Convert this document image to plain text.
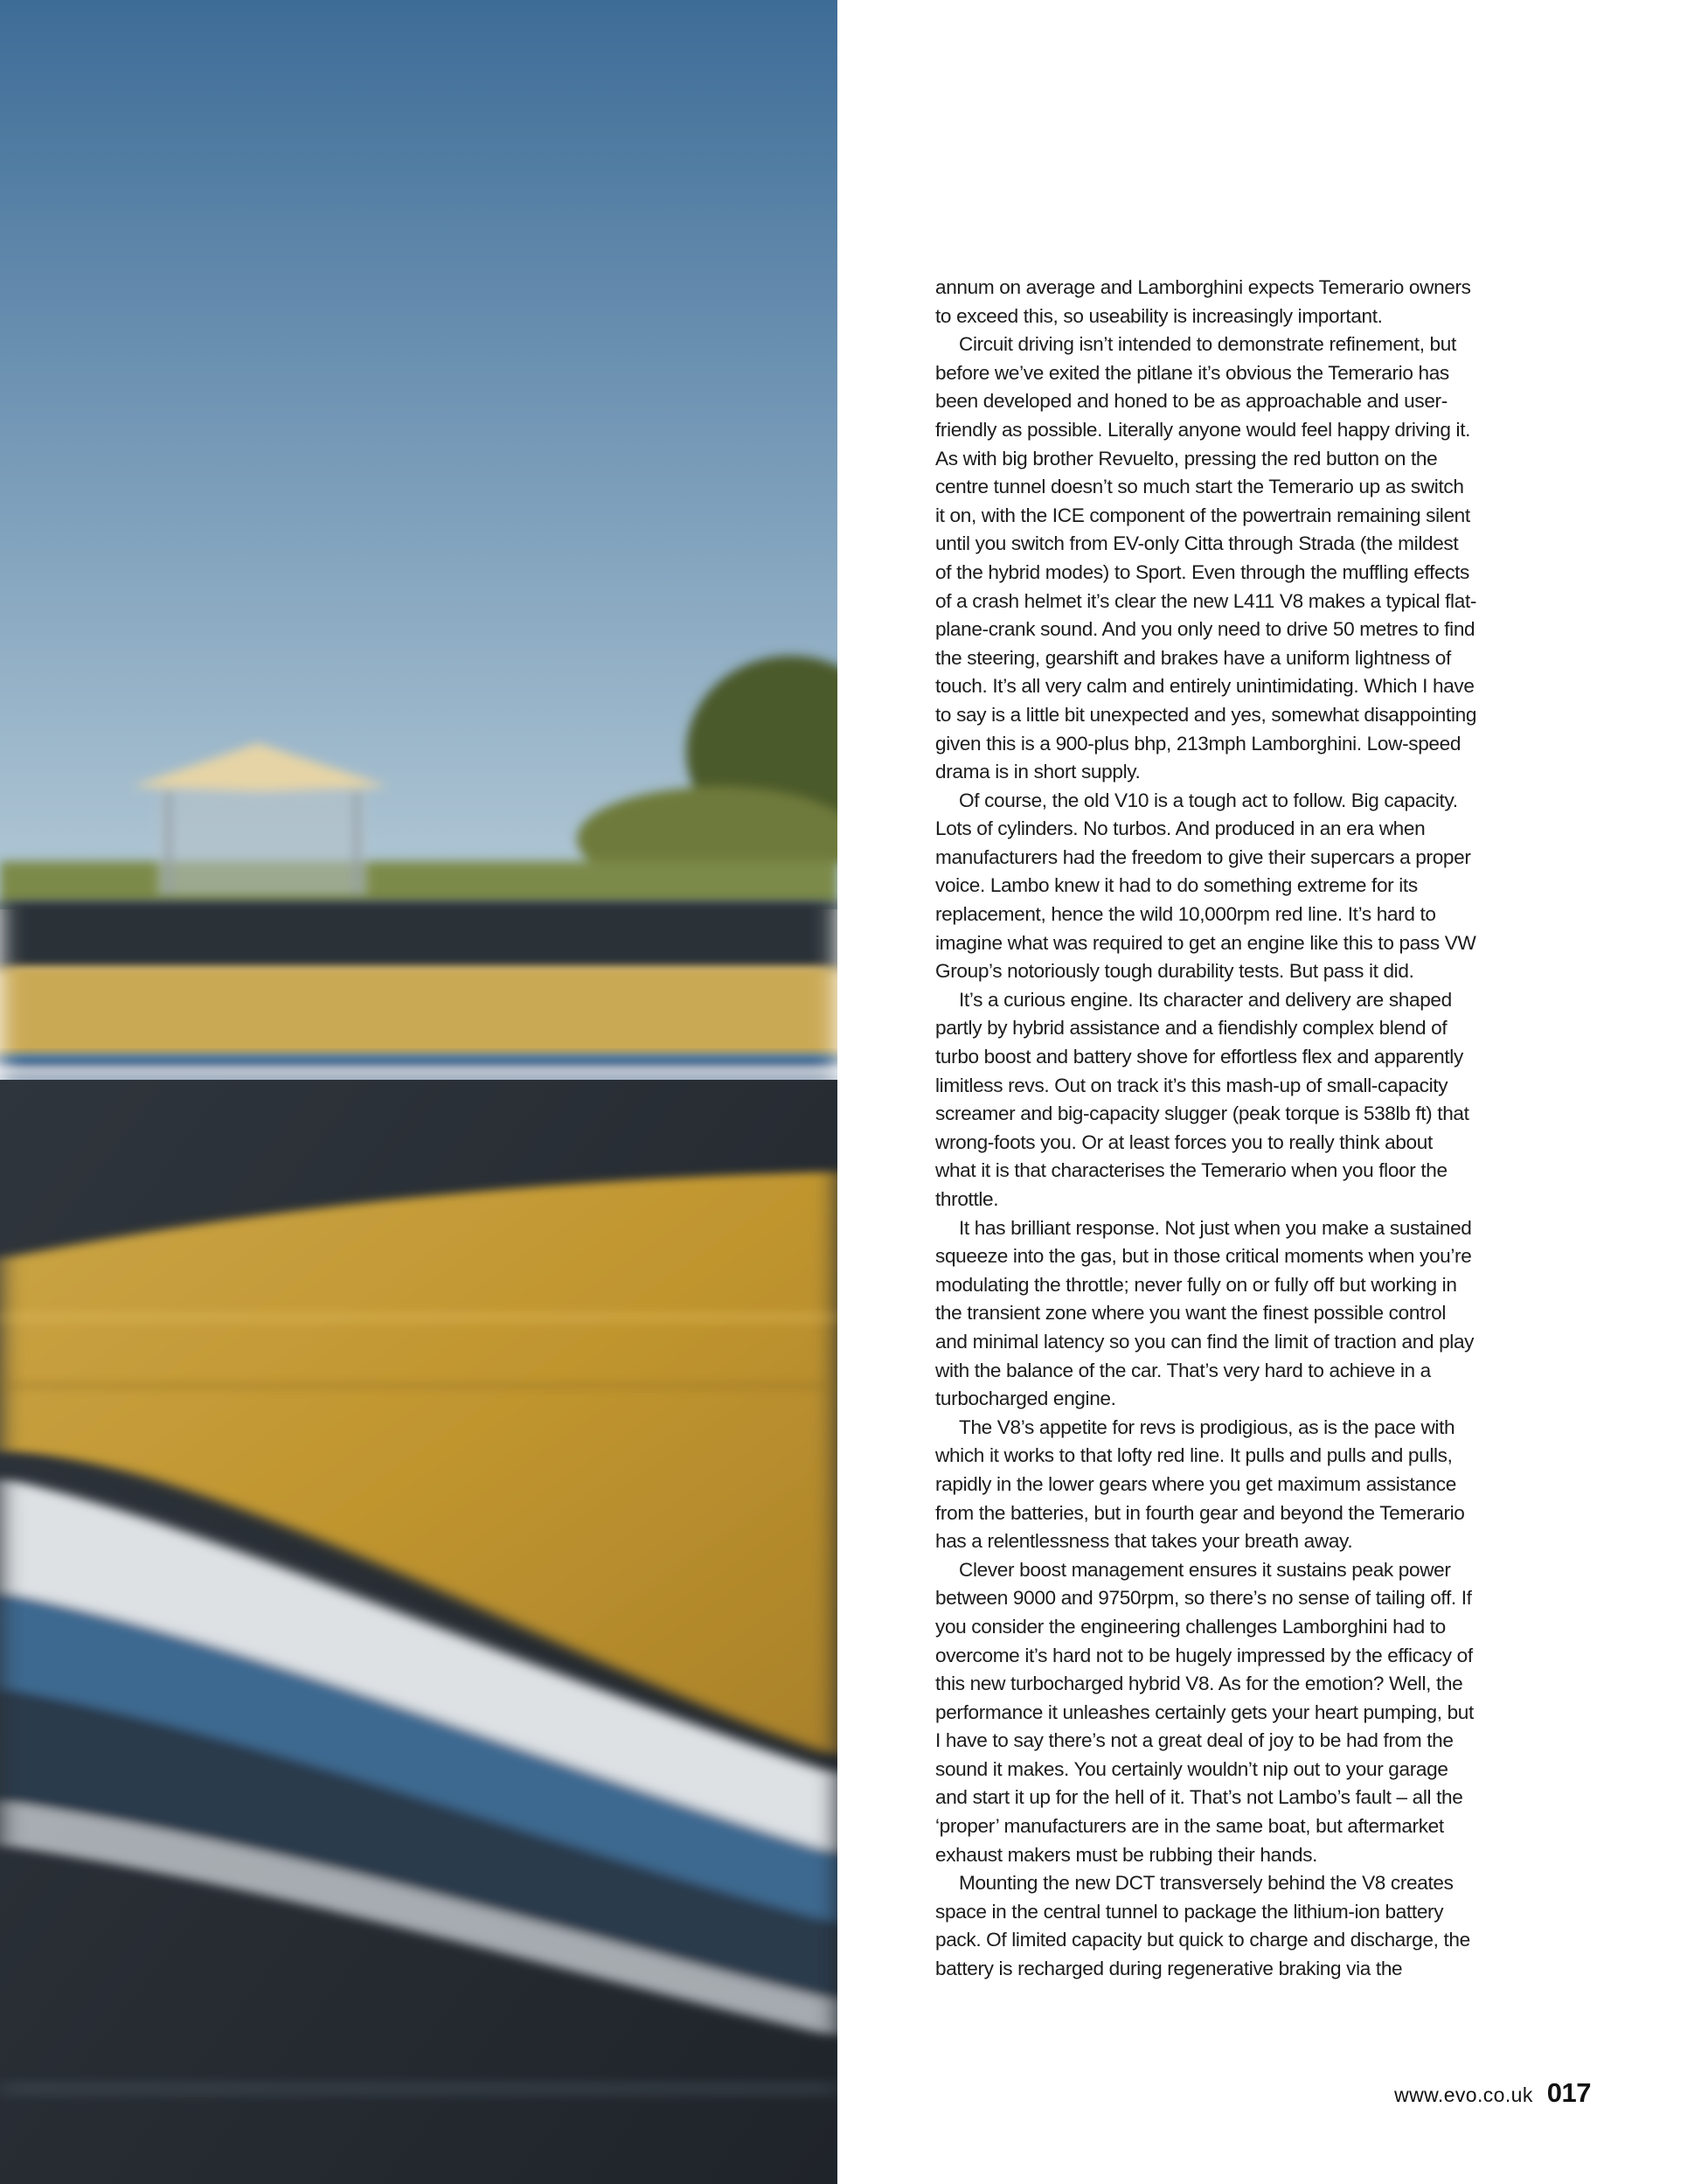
annum on average and Lamborghini expects Temerario owners to exceed this, so useability is increasingly important.

Circuit driving isn’t intended to demonstrate refinement, but before we’ve exited the pitlane it’s obvious the Temerario has been developed and honed to be as approachable and user-friendly as possible. Literally anyone would feel happy driving it. As with big brother Revuelto, pressing the red button on the centre tunnel doesn’t so much start the Temerario up as switch it on, with the ICE component of the powertrain remaining silent until you switch from EV-only Citta through Strada (the mildest of the hybrid modes) to Sport. Even through the muffling effects of a crash helmet it’s clear the new L411 V8 makes a typical flat-plane-crank sound. And you only need to drive 50 metres to find the steering, gearshift and brakes have a uniform lightness of touch. It’s all very calm and entirely unintimidating. Which I have to say is a little bit unexpected and yes, somewhat disappointing given this is a 900-plus bhp, 213mph Lamborghini. Low-speed drama is in short supply.

Of course, the old V10 is a tough act to follow. Big capacity. Lots of cylinders. No turbos. And produced in an era when manufacturers had the freedom to give their supercars a proper voice. Lambo knew it had to do something extreme for its replacement, hence the wild 10,000rpm red line. It’s hard to imagine what was required to get an engine like this to pass VW Group’s notoriously tough durability tests. But pass it did.

It’s a curious engine. Its character and delivery are shaped partly by hybrid assistance and a fiendishly complex blend of turbo boost and battery shove for effortless flex and apparently limitless revs. Out on track it’s this mash-up of small-capacity screamer and big-capacity slugger (peak torque is 538lb ft) that wrong-foots you. Or at least forces you to really think about what it is that characterises the Temerario when you floor the throttle.

It has brilliant response. Not just when you make a sustained squeeze into the gas, but in those critical moments when you’re modulating the throttle; never fully on or fully off but working in the transient zone where you want the finest possible control and minimal latency so you can find the limit of traction and play with the balance of the car. That’s very hard to achieve in a turbocharged engine.

The V8’s appetite for revs is prodigious, as is the pace with which it works to that lofty red line. It pulls and pulls and pulls, rapidly in the lower gears where you get maximum assistance from the batteries, but in fourth gear and beyond the Temerario has a relentlessness that takes your breath away.

Clever boost management ensures it sustains peak power between 9000 and 9750rpm, so there’s no sense of tailing off. If you consider the engineering challenges Lamborghini had to overcome it’s hard not to be hugely impressed by the efficacy of this new turbocharged hybrid V8. As for the emotion? Well, the performance it unleashes certainly gets your heart pumping, but I have to say there’s not a great deal of joy to be had from the sound it makes. You certainly wouldn’t nip out to your garage and start it up for the hell of it. That’s not Lambo’s fault – all the ‘proper’ manufacturers are in the same boat, but aftermarket exhaust makers must be rubbing their hands.

Mounting the new DCT transversely behind the V8 creates space in the central tunnel to package the lithium-ion battery pack. Of limited capacity but quick to charge and discharge, the battery is recharged during regenerative braking via the

www.evo.co.uk 017
